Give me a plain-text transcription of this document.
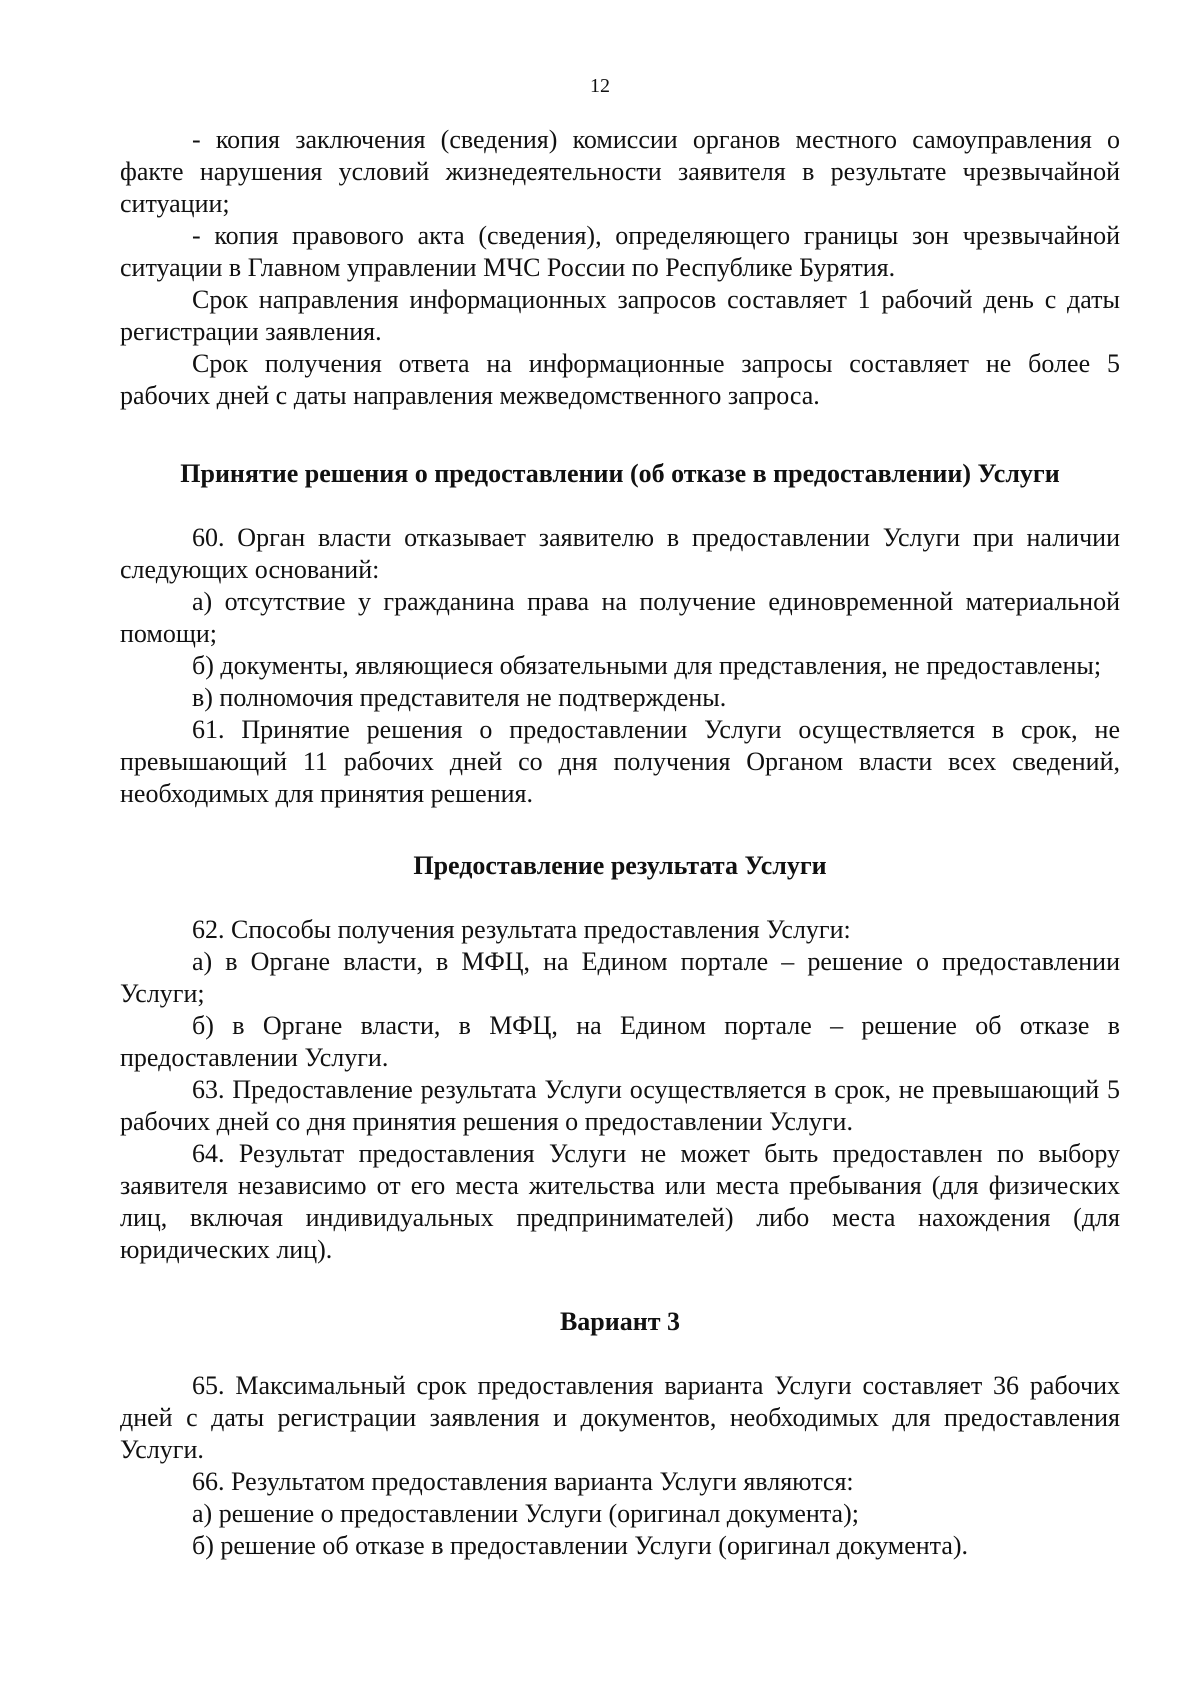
12

- копия заключения (сведения) комиссии органов местного самоуправления о факте нарушения условий жизнедеятельности заявителя в результате чрезвычайной ситуации;

- копия правового акта (сведения), определяющего границы зон чрезвычайной ситуации в Главном управлении МЧС России по Республике Бурятия.

Срок направления информационных запросов составляет 1 рабочий день с даты регистрации заявления.

Срок получения ответа на информационные запросы составляет не более 5 рабочих дней с даты направления межведомственного запроса.

Принятие решения о предоставлении (об отказе в предоставлении) Услуги

60. Орган власти отказывает заявителю в предоставлении Услуги при наличии следующих оснований:

а) отсутствие у гражданина права на получение единовременной материальной помощи;

б) документы, являющиеся обязательными для представления, не предоставлены;

в) полномочия представителя не подтверждены.

61. Принятие решения о предоставлении Услуги осуществляется в срок, не превышающий 11 рабочих дней со дня получения Органом власти всех сведений, необходимых для принятия решения.

Предоставление результата Услуги

62. Способы получения результата предоставления Услуги:

а) в Органе власти, в МФЦ, на Едином портале – решение о предоставлении Услуги;

б) в Органе власти, в МФЦ, на Едином портале – решение об отказе в предоставлении Услуги.

63. Предоставление результата Услуги осуществляется в срок, не превышающий 5 рабочих дней со дня принятия решения о предоставлении Услуги.

64. Результат предоставления Услуги не может быть предоставлен по выбору заявителя независимо от его места жительства или места пребывания (для физических лиц, включая индивидуальных предпринимателей) либо места нахождения (для юридических лиц).

Вариант 3

65. Максимальный срок предоставления варианта Услуги составляет 36 рабочих дней с даты регистрации заявления и документов, необходимых для предоставления Услуги.

66. Результатом предоставления варианта Услуги являются:

а) решение о предоставлении Услуги (оригинал документа);

б) решение об отказе в предоставлении Услуги (оригинал документа).
